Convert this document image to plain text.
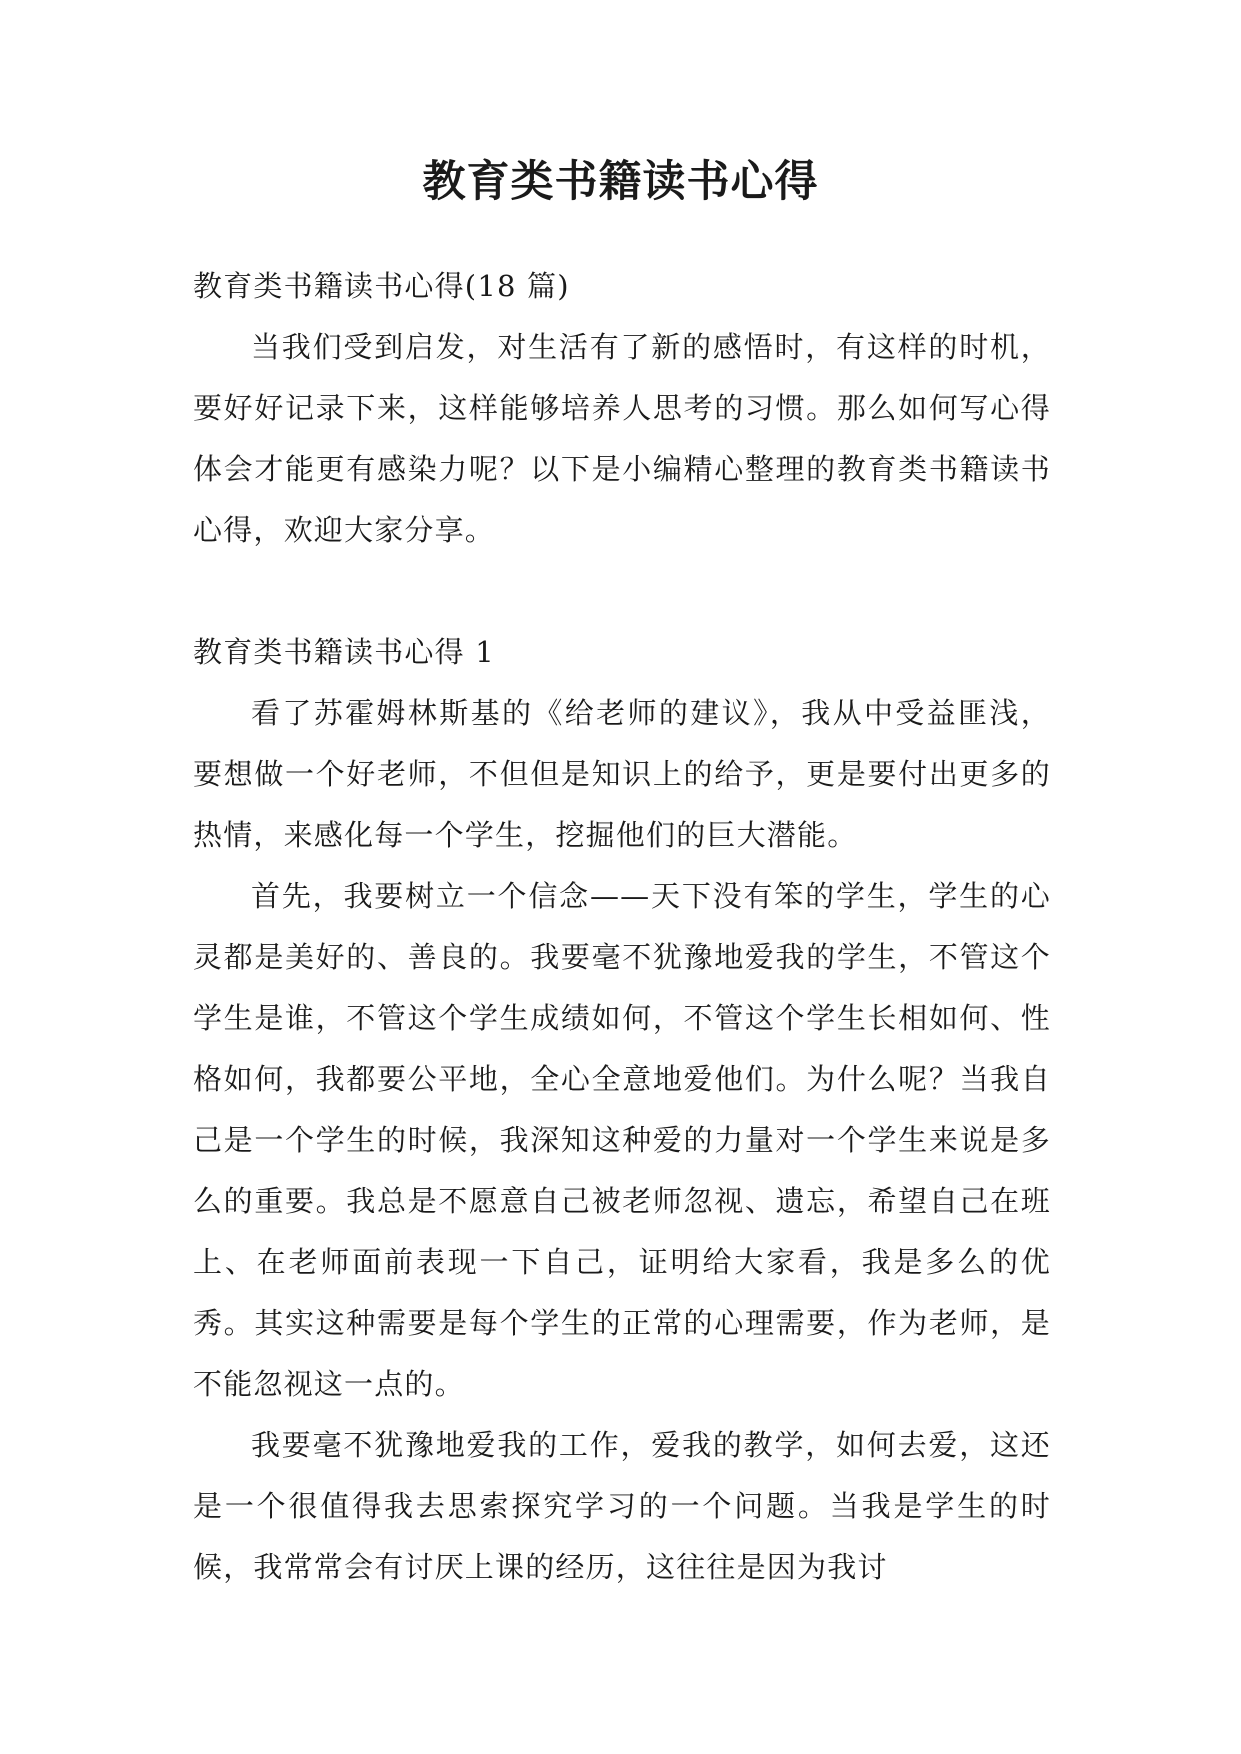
教育类书籍读书心得

教育类书籍读书心得(18 篇)

当我们受到启发，对生活有了新的感悟时，有这样的时机，要好好记录下来，这样能够培养人思考的习惯。那么如何写心得体会才能更有感染力呢？以下是小编精心整理的教育类书籍读书心得，欢迎大家分享。

教育类书籍读书心得 1

看了苏霍姆林斯基的《给老师的建议》，我从中受益匪浅，要想做一个好老师，不但但是知识上的给予，更是要付出更多的热情，来感化每一个学生，挖掘他们的巨大潜能。

首先，我要树立一个信念——天下没有笨的学生，学生的心灵都是美好的、善良的。我要毫不犹豫地爱我的学生，不管这个学生是谁，不管这个学生成绩如何，不管这个学生长相如何、性格如何，我都要公平地，全心全意地爱他们。为什么呢？当我自己是一个学生的时候，我深知这种爱的力量对一个学生来说是多么的重要。我总是不愿意自己被老师忽视、遗忘，希望自己在班上、在老师面前表现一下自己，证明给大家看，我是多么的优秀。其实这种需要是每个学生的正常的心理需要，作为老师，是不能忽视这一点的。

我要毫不犹豫地爱我的工作，爱我的教学，如何去爱，这还是一个很值得我去思索探究学习的一个问题。当我是学生的时候，我常常会有讨厌上课的经历，这往往是因为我讨
